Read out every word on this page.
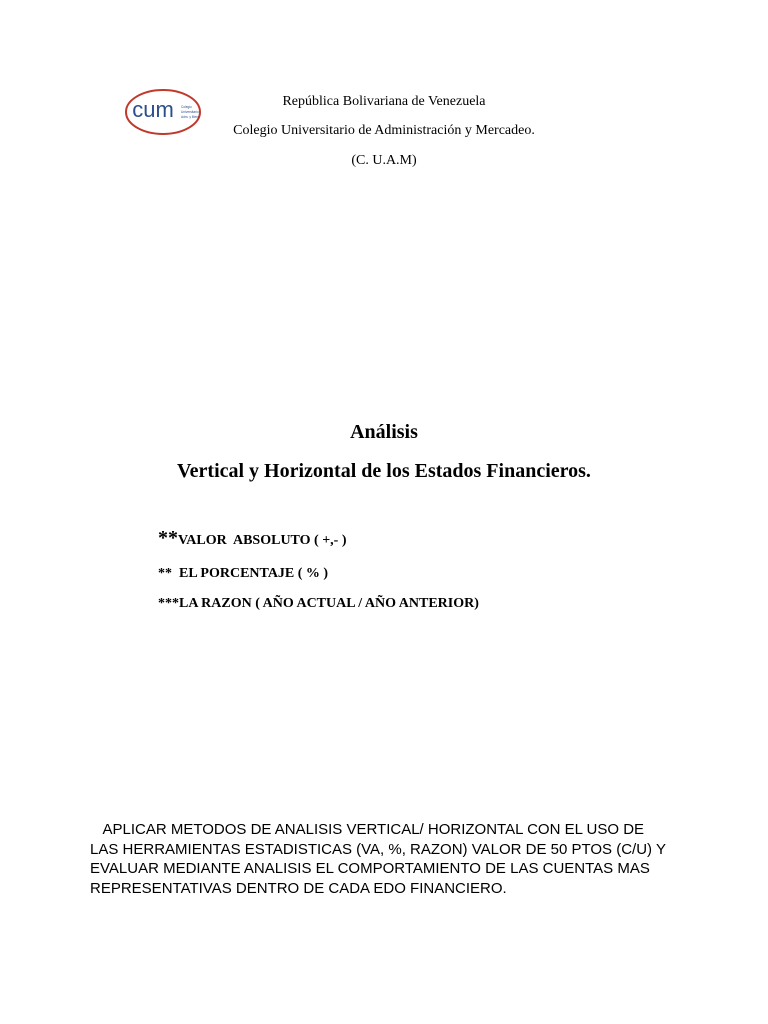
cum Colegio
Universitario
Adm. y Merc.
República Bolivariana de Venezuela
Colegio Universitario de Administración y Mercadeo.
(C. U.A.M)
Análisis
Vertical y Horizontal de los Estados Financieros.
**VALOR  ABSOLUTO ( +,- )
**  EL PORCENTAJE ( % )
***LA RAZON ( AÑO ACTUAL / AÑO ANTERIOR)
APLICAR METODOS DE ANALISIS VERTICAL/ HORIZONTAL CON EL USO DE
LAS HERRAMIENTAS ESTADISTICAS (VA, %, RAZON) VALOR DE 50 PTOS (C/U) Y
EVALUAR MEDIANTE ANALISIS EL COMPORTAMIENTO DE LAS CUENTAS MAS
REPRESENTATIVAS DENTRO DE CADA EDO FINANCIERO.
